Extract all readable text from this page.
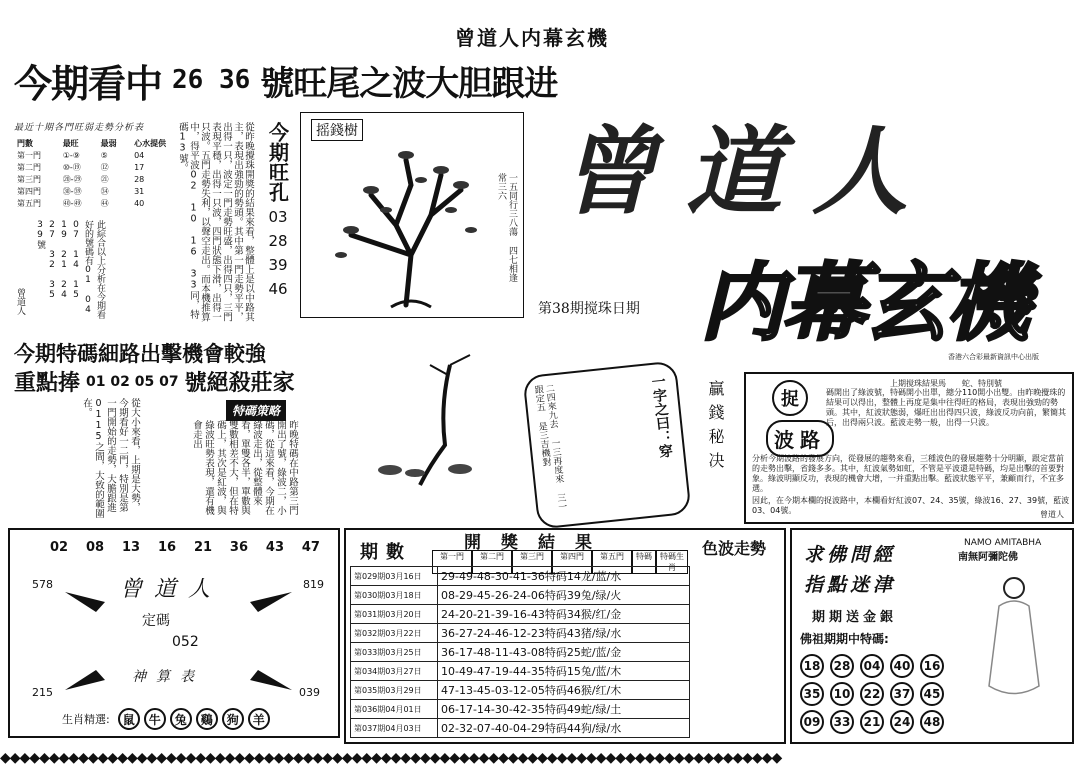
曾道人内幕玄機
今期看中 26 36 號旺尾之波大胆跟进
最近十期各門旺弱走勢分析表
門數	最旺	最弱	心水提供
第一門	①-⑨	⑤	04
第二門	⑩-⑲	⑫	17
第三門	⑳-㉙	㉑	28
第四門	㉚-㊴	㉞	31
第五門	㊵-㊾	㊹	40
此綜合以上分析在今期看好的號碼有01 04 07 14 15 19 21 24 27 32 35 39號
曾道人	從昨晚攪珠開獎的結果來看，整體上是以中路其主，表現出強勁的勢頭。其中第一門走勢平平，出得一只，波定一門走勢旺盛，出得四只，三門表現平穩，出得一只波，四門狀態下滑，出得一只波。五門走勢失利，以聲空走出。而本機推算中，得平波02 10 16 33同，特碼13號。	今期旺孔
03
28
39
46
摇錢樹
一五同行三八蕩 四七相逢常三六 曾道人
内幕玄機
第38期搅珠日期
香港六合彩最新資訊中心出版
今期特碼細路出擊機會較強
重點捧 01 02 05 07 號絕殺莊家
從大小來看，上期是大勢，今期看好一二門，特別是第一門開始的走勢，大膽跟進0115之間，大致的範圍在。	特碼策略
昨晚特碼在中路第三門開出了號，綠波二，小碼，從這來看，今期在綠波走出，從整體來看，單雙各半，單數與雙數相差不大，但在特碼上，其次是紅波，與綠波旺勢表現，還有機會走出	二四來九去 一三再度來 三一跟定五 是三吉機對	一字之曰：穿 贏錢秘决	捉
波路
上期搅珠結果馬　　蛇、特別號
碼開出了綠波號，特碼開小出單，總分110開小出雙。由昨晚攪珠的結果可以得出，整體上再度是集中往得旺的格局，表現出強勁的勢頭。其中，紅波狀態弱，爆旺出出得四只波，綠波反功向前，繁簡其后，出得兩只波。藍波走勢一般，出得一只波。
分析今期波路的發展方向，從發展的趨勢來看，三種波色的發展趨勢十分明顯，跟定當前的走勢出擊，省錢多多。其中，紅波氣勢如虹，不管是平波還是特碼，均是出擊的首要對象。綠波明顯反功，表現的機會大增，一并重點出擊。藍波狀態平平，兼顧而行，不宜多選。
因此，在今期本欄的捉波路中，本欄看好紅波07、24、35號，綠波16、27、39號，藍波03、04號。	曾道人
02 08 13 16 21 36 43 47
曾道人
定碼
052
神算表
578	819
215	039
生肖精選:	鼠	牛	兔	鷄	狗	羊
期數	開獎結果	色波走勢
第一門	第二門	第三門	第四門	第五門	特碼	特碼生肖
第029期03月16日	29-49-48-30-41-36特码14龙/蓝/水
第030期03月18日	08-29-45-26-24-06特码39兔/绿/火
第031期03月20日	24-20-21-39-16-43特码34猴/红/金
第032期03月22日	36-27-24-46-12-23特码43猪/绿/水
第033期03月25日	36-17-48-11-43-08特码25蛇/蓝/金
第034期03月27日	10-49-47-19-44-35特码15兔/蓝/木
第035期03月29日	47-13-45-03-12-05特码46猴/红/木
第036期04月01日	06-17-14-30-42-35特码49蛇/绿/土
第037期04月03日	02-32-07-40-04-29特码44狗/绿/水
求佛問經
指點迷津
期期送金銀
佛祖期期中特碼:
NAMO AMITABHA
南無阿彌陀佛
18	28	04	40	16
35	10	22	37	45
09	33	21	24	48
◆◆◆◆◆◆◆◆◆◆◆◆◆◆◆◆◆◆◆◆◆◆◆◆◆◆◆◆◆◆◆◆◆◆◆◆◆◆◆◆◆◆◆◆◆◆◆◆◆◆◆◆◆◆◆◆◆◆◆◆◆◆◆◆◆◆◆◆◆◆◆◆◆◆◆◆◆◆◆◆
